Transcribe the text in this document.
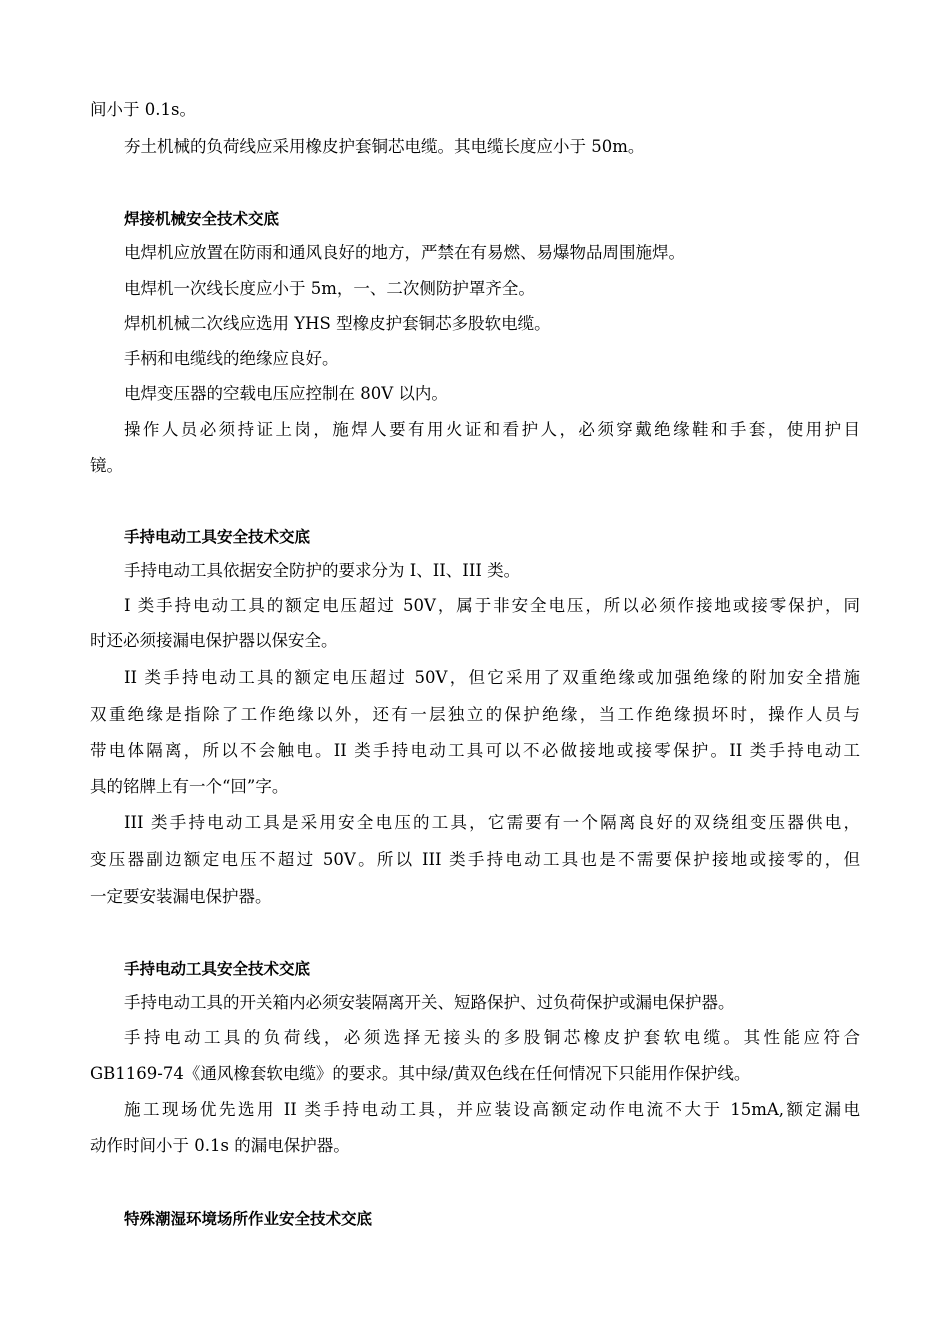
间小于 0.1s。
夯土机械的负荷线应采用橡皮护套铜芯电缆。其电缆长度应小于 50m。
焊接机械安全技术交底
电焊机应放置在防雨和通风良好的地方，严禁在有易燃、易爆物品周围施焊。
电焊机一次线长度应小于 5m，一、二次侧防护罩齐全。
焊机机械二次线应选用 YHS 型橡皮护套铜芯多股软电缆。
手柄和电缆线的绝缘应良好。
电焊变压器的空载电压应控制在 80V 以内。
操作人员必须持证上岗，施焊人要有用火证和看护人，必须穿戴绝缘鞋和手套，使用护目
镜。
手持电动工具安全技术交底
手持电动工具依据安全防护的要求分为 I、II、III 类。
I 类手持电动工具的额定电压超过 50V，属于非安全电压，所以必须作接地或接零保护，同
时还必须接漏电保护器以保安全。
II 类手持电动工具的额定电压超过 50V，但它采用了双重绝缘或加强绝缘的附加安全措施
双重绝缘是指除了工作绝缘以外，还有一层独立的保护绝缘，当工作绝缘损坏时，操作人员与
带电体隔离，所以不会触电。II 类手持电动工具可以不必做接地或接零保护。II 类手持电动工
具的铭牌上有一个“回”字。
III 类手持电动工具是采用安全电压的工具，它需要有一个隔离良好的双绕组变压器供电，
变压器副边额定电压不超过 50V。所以 III 类手持电动工具也是不需要保护接地或接零的，但
一定要安装漏电保护器。
手持电动工具安全技术交底
手持电动工具的开关箱内必须安装隔离开关、短路保护、过负荷保护或漏电保护器。
手持电动工具的负荷线，必须选择无接头的多股铜芯橡皮护套软电缆。其性能应符合
GB1169-74《通风橡套软电缆》的要求。其中绿/黄双色线在任何情况下只能用作保护线。
施工现场优先选用 II 类手持电动工具，并应装设高额定动作电流不大于 15mA,额定漏电
动作时间小于 0.1s 的漏电保护器。
特殊潮湿环境场所作业安全技术交底
